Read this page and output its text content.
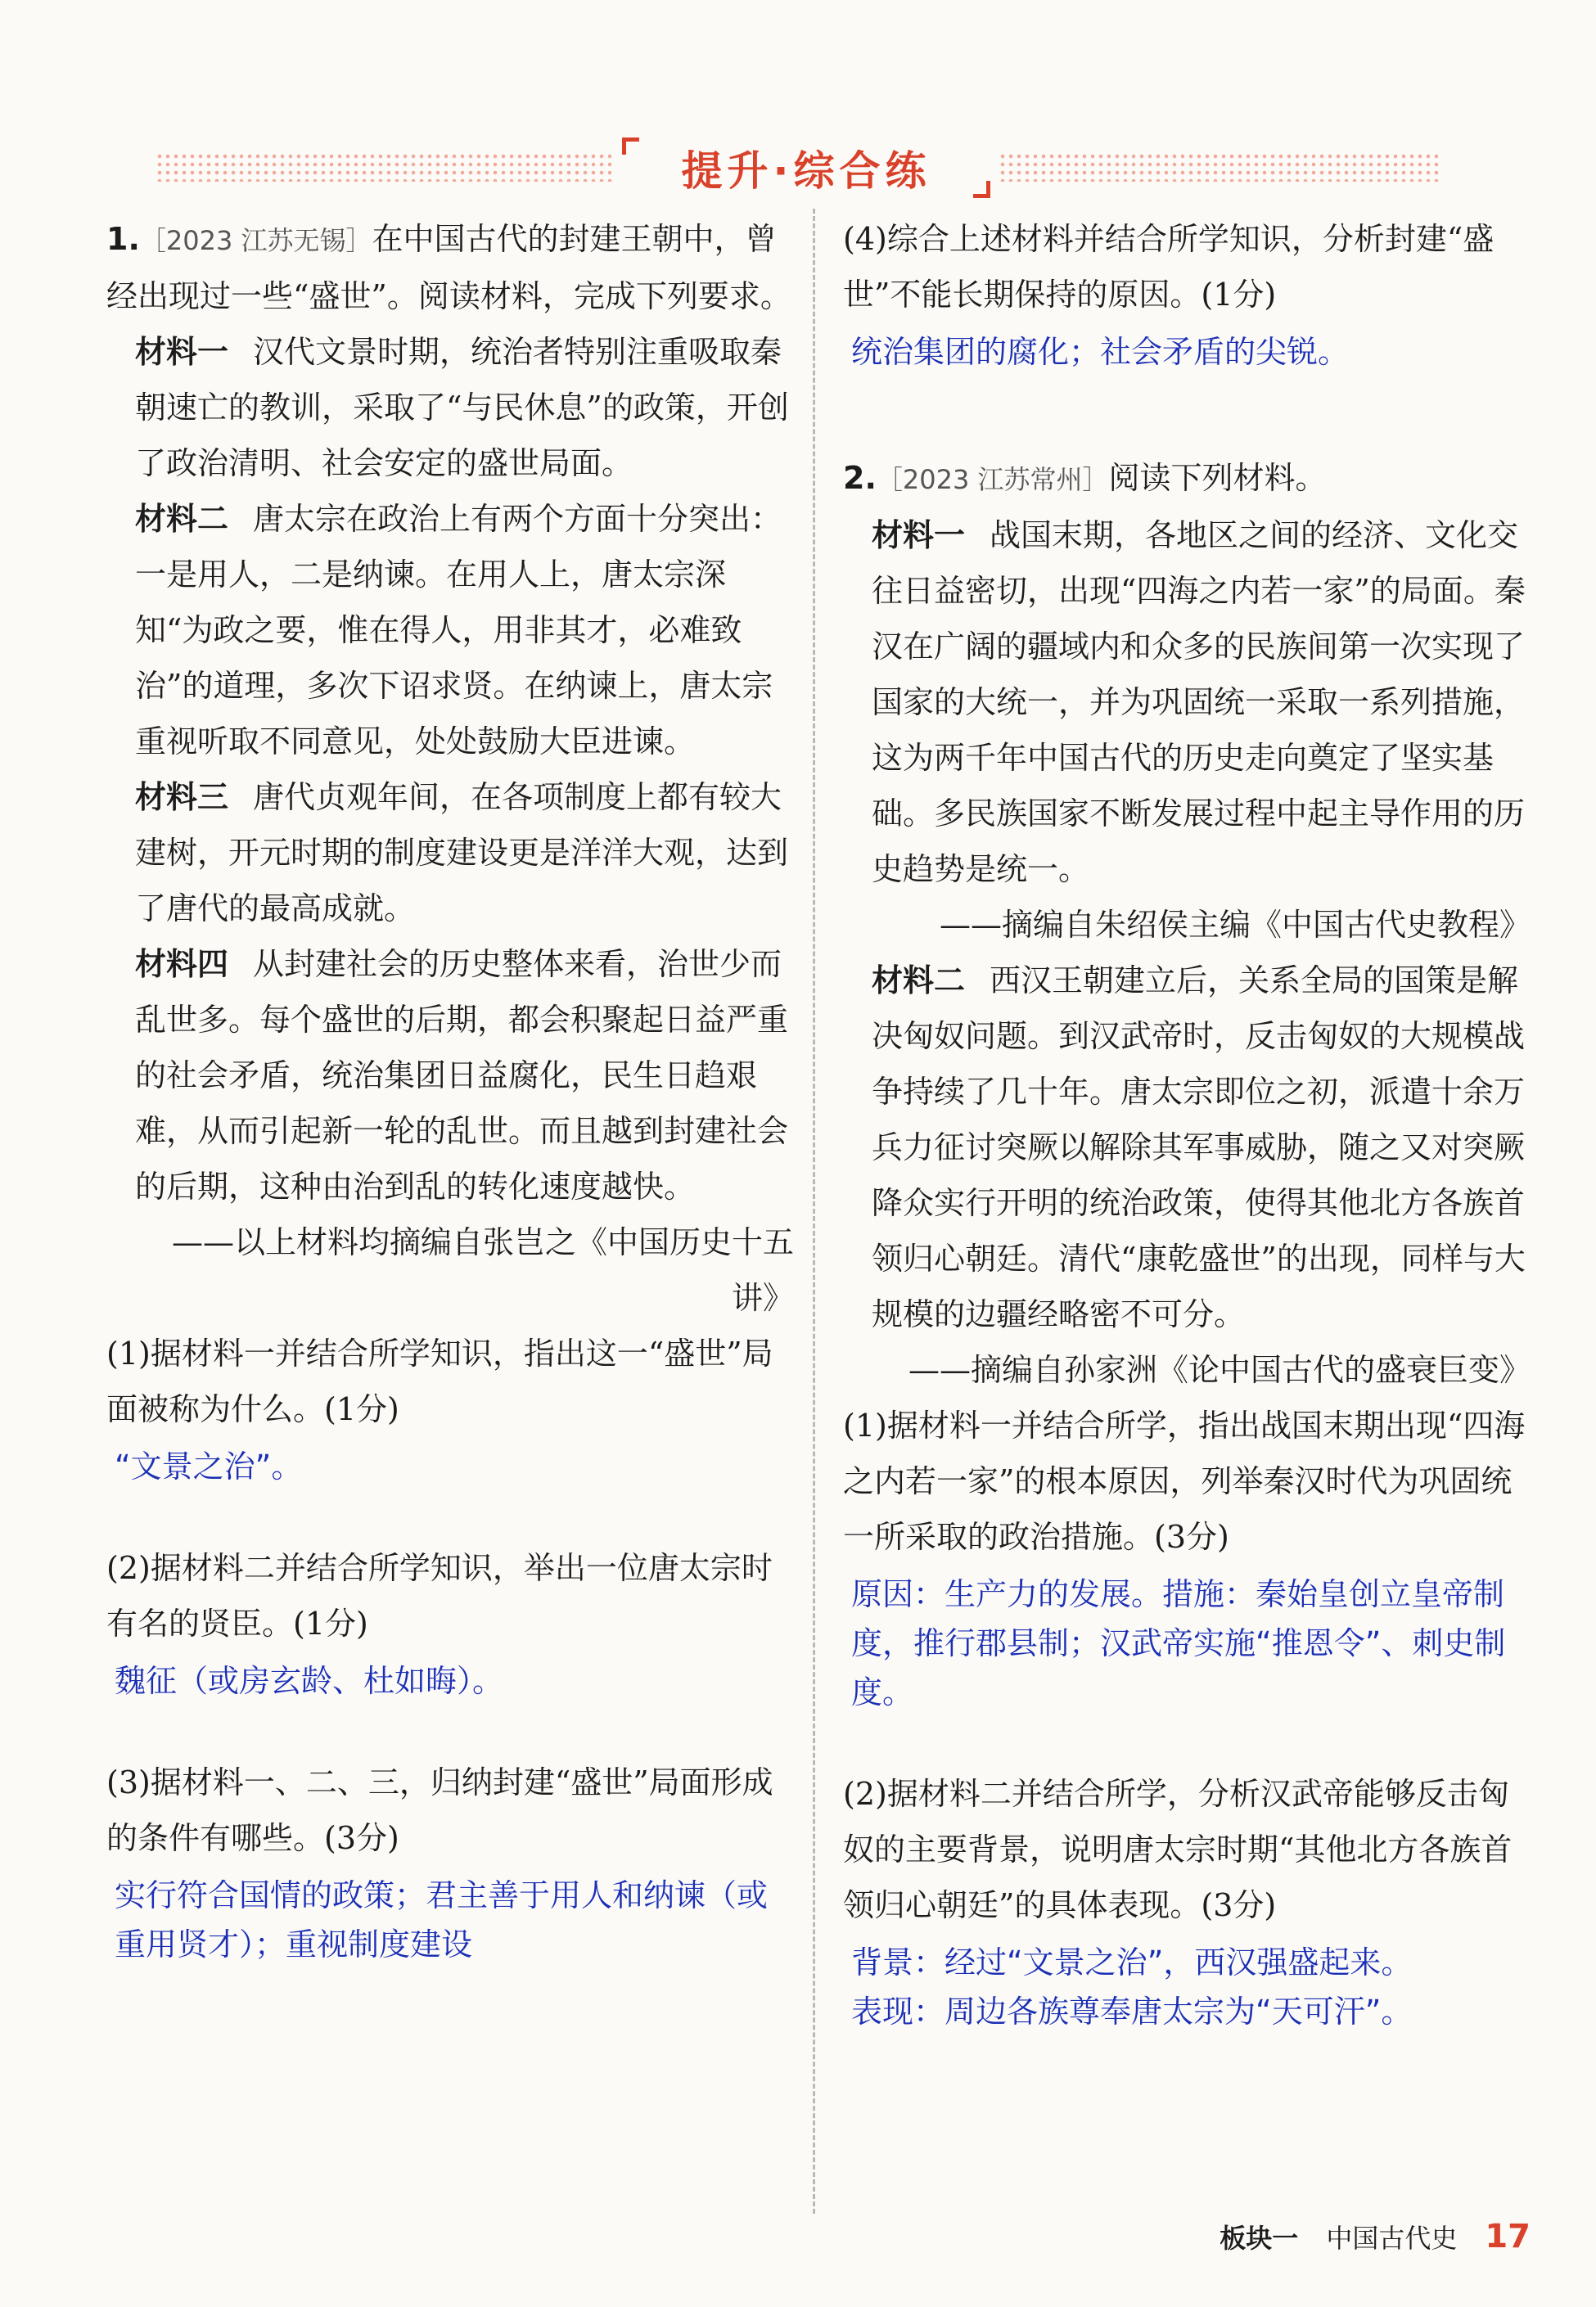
提升·综合练

1.［2023 江苏无锡］在中国古代的封建王朝中，曾经出现过一些“盛世”。阅读材料，完成下列要求。

材料一 汉代文景时期，统治者特别注重吸取秦朝速亡的教训，采取了“与民休息”的政策，开创了政治清明、社会安定的盛世局面。

材料二 唐太宗在政治上有两个方面十分突出：一是用人，二是纳谏。在用人上，唐太宗深知“为政之要，惟在得人，用非其才，必难致治”的道理，多次下诏求贤。在纳谏上，唐太宗重视听取不同意见，处处鼓励大臣进谏。

材料三 唐代贞观年间，在各项制度上都有较大建树，开元时期的制度建设更是洋洋大观，达到了唐代的最高成就。

材料四 从封建社会的历史整体来看，治世少而乱世多。每个盛世的后期，都会积聚起日益严重的社会矛盾，统治集团日益腐化，民生日趋艰难，从而引起新一轮的乱世。而且越到封建社会的后期，这种由治到乱的转化速度越快。

——以上材料均摘编自张岂之《中国历史十五讲》

(1)据材料一并结合所学知识，指出这一“盛世”局面被称为什么。(1分)

“文景之治”。

(2)据材料二并结合所学知识，举出一位唐太宗时有名的贤臣。(1分)

魏征（或房玄龄、杜如晦）。

(3)据材料一、二、三，归纳封建“盛世”局面形成的条件有哪些。(3分)

实行符合国情的政策；君主善于用人和纳谏（或重用贤才）；重视制度建设

(4)综合上述材料并结合所学知识，分析封建“盛世”不能长期保持的原因。(1分)

统治集团的腐化；社会矛盾的尖锐。

2.［2023 江苏常州］阅读下列材料。

材料一 战国末期，各地区之间的经济、文化交往日益密切，出现“四海之内若一家”的局面。秦汉在广阔的疆域内和众多的民族间第一次实现了国家的大统一，并为巩固统一采取一系列措施，这为两千年中国古代的历史走向奠定了坚实基础。多民族国家不断发展过程中起主导作用的历史趋势是统一。

——摘编自朱绍侯主编《中国古代史教程》

材料二 西汉王朝建立后，关系全局的国策是解决匈奴问题。到汉武帝时，反击匈奴的大规模战争持续了几十年。唐太宗即位之初，派遣十余万兵力征讨突厥以解除其军事威胁，随之又对突厥降众实行开明的统治政策，使得其他北方各族首领归心朝廷。清代“康乾盛世”的出现，同样与大规模的边疆经略密不可分。

——摘编自孙家洲《论中国古代的盛衰巨变》

(1)据材料一并结合所学，指出战国末期出现“四海之内若一家”的根本原因，列举秦汉时代为巩固统一所采取的政治措施。(3分)

原因：生产力的发展。措施：秦始皇创立皇帝制度，推行郡县制；汉武帝实施“推恩令”、刺史制度。

(2)据材料二并结合所学，分析汉武帝能够反击匈奴的主要背景，说明唐太宗时期“其他北方各族首领归心朝廷”的具体表现。(3分)

背景：经过“文景之治”，西汉强盛起来。

表现：周边各族尊奉唐太宗为“天可汗”。

板块一 中国古代史 17
